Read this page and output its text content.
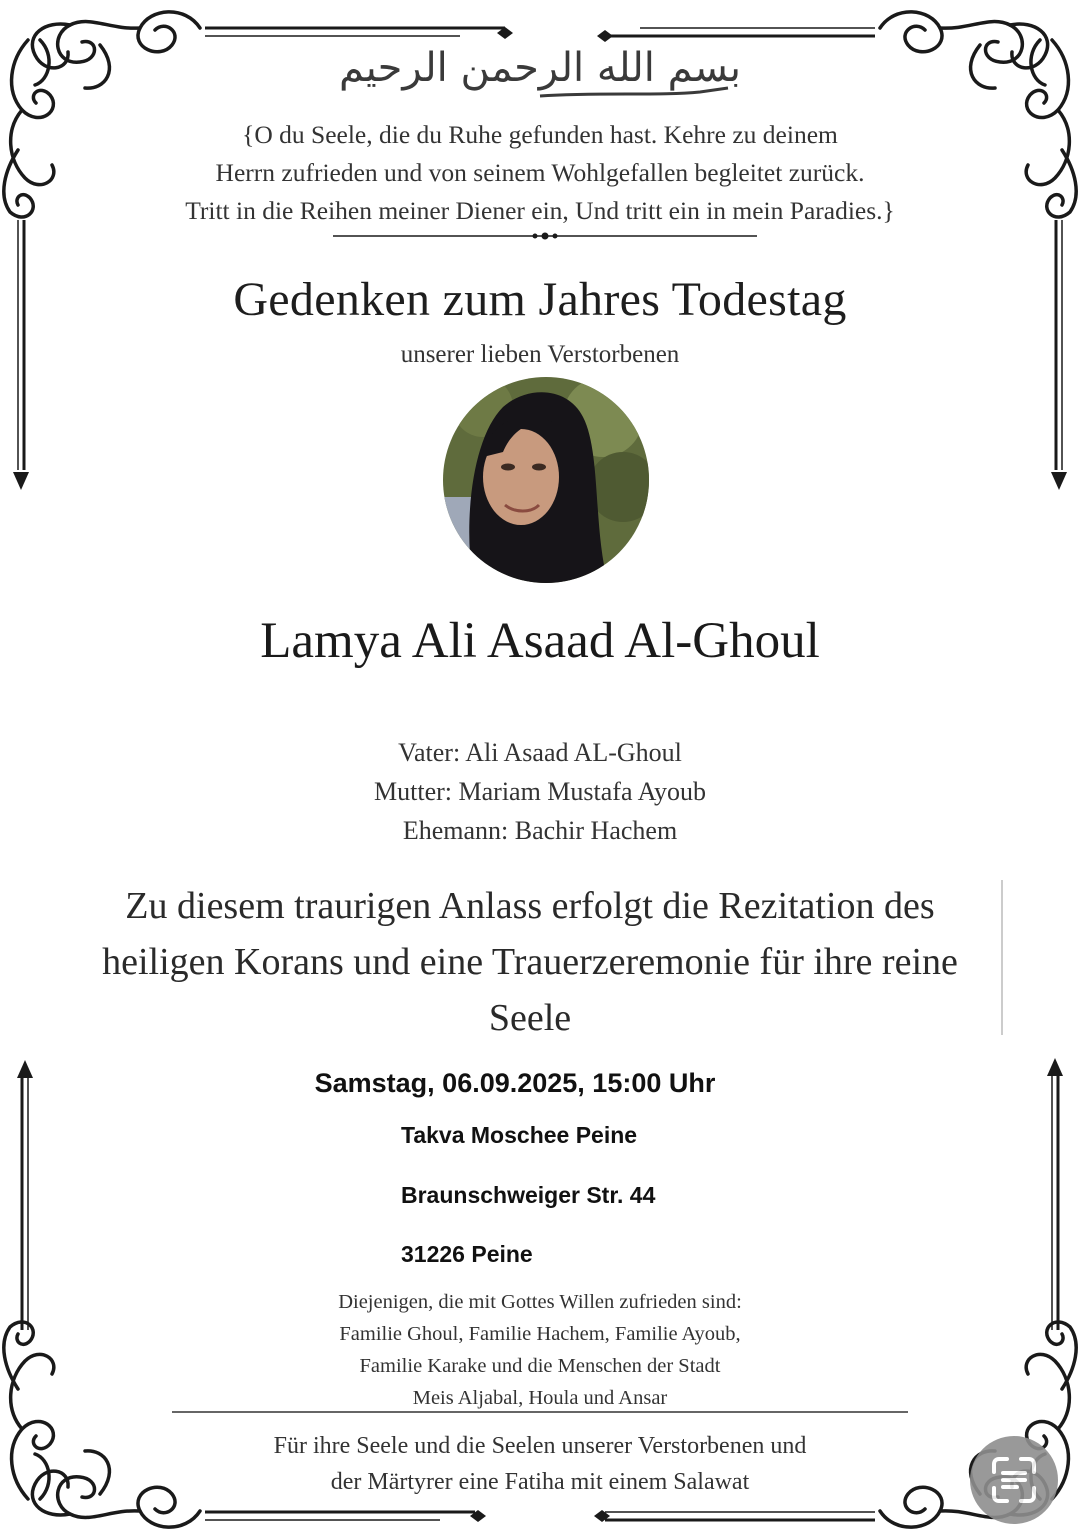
بسم الله الرحمن الرحيم
{O du Seele, die du Ruhe gefunden hast. Kehre zu deinem
Herrn zufrieden und von seinem Wohlgefallen begleitet zurück.
Tritt in die Reihen meiner Diener ein, Und tritt ein in mein Paradies.}
Gedenken zum Jahres Todestag
unserer lieben Verstorbenen
Lamya Ali Asaad Al-Ghoul
Vater: Ali Asaad AL-Ghoul
Mutter: Mariam Mustafa Ayoub
Ehemann: Bachir Hachem
Zu diesem traurigen Anlass erfolgt die Rezitation des
heiligen Korans und eine Trauerzeremonie für ihre reine
Seele
Samstag, 06.09.2025, 15:00 Uhr
Takva Moschee Peine
Braunschweiger Str. 44
31226 Peine
Diejenigen, die mit Gottes Willen zufrieden sind:
Familie Ghoul, Familie Hachem, Familie Ayoub,
Familie Karake und die Menschen der Stadt
Meis Aljabal, Houla und Ansar
Für ihre Seele und die Seelen unserer Verstorbenen und
der Märtyrer eine Fatiha mit einem Salawat
